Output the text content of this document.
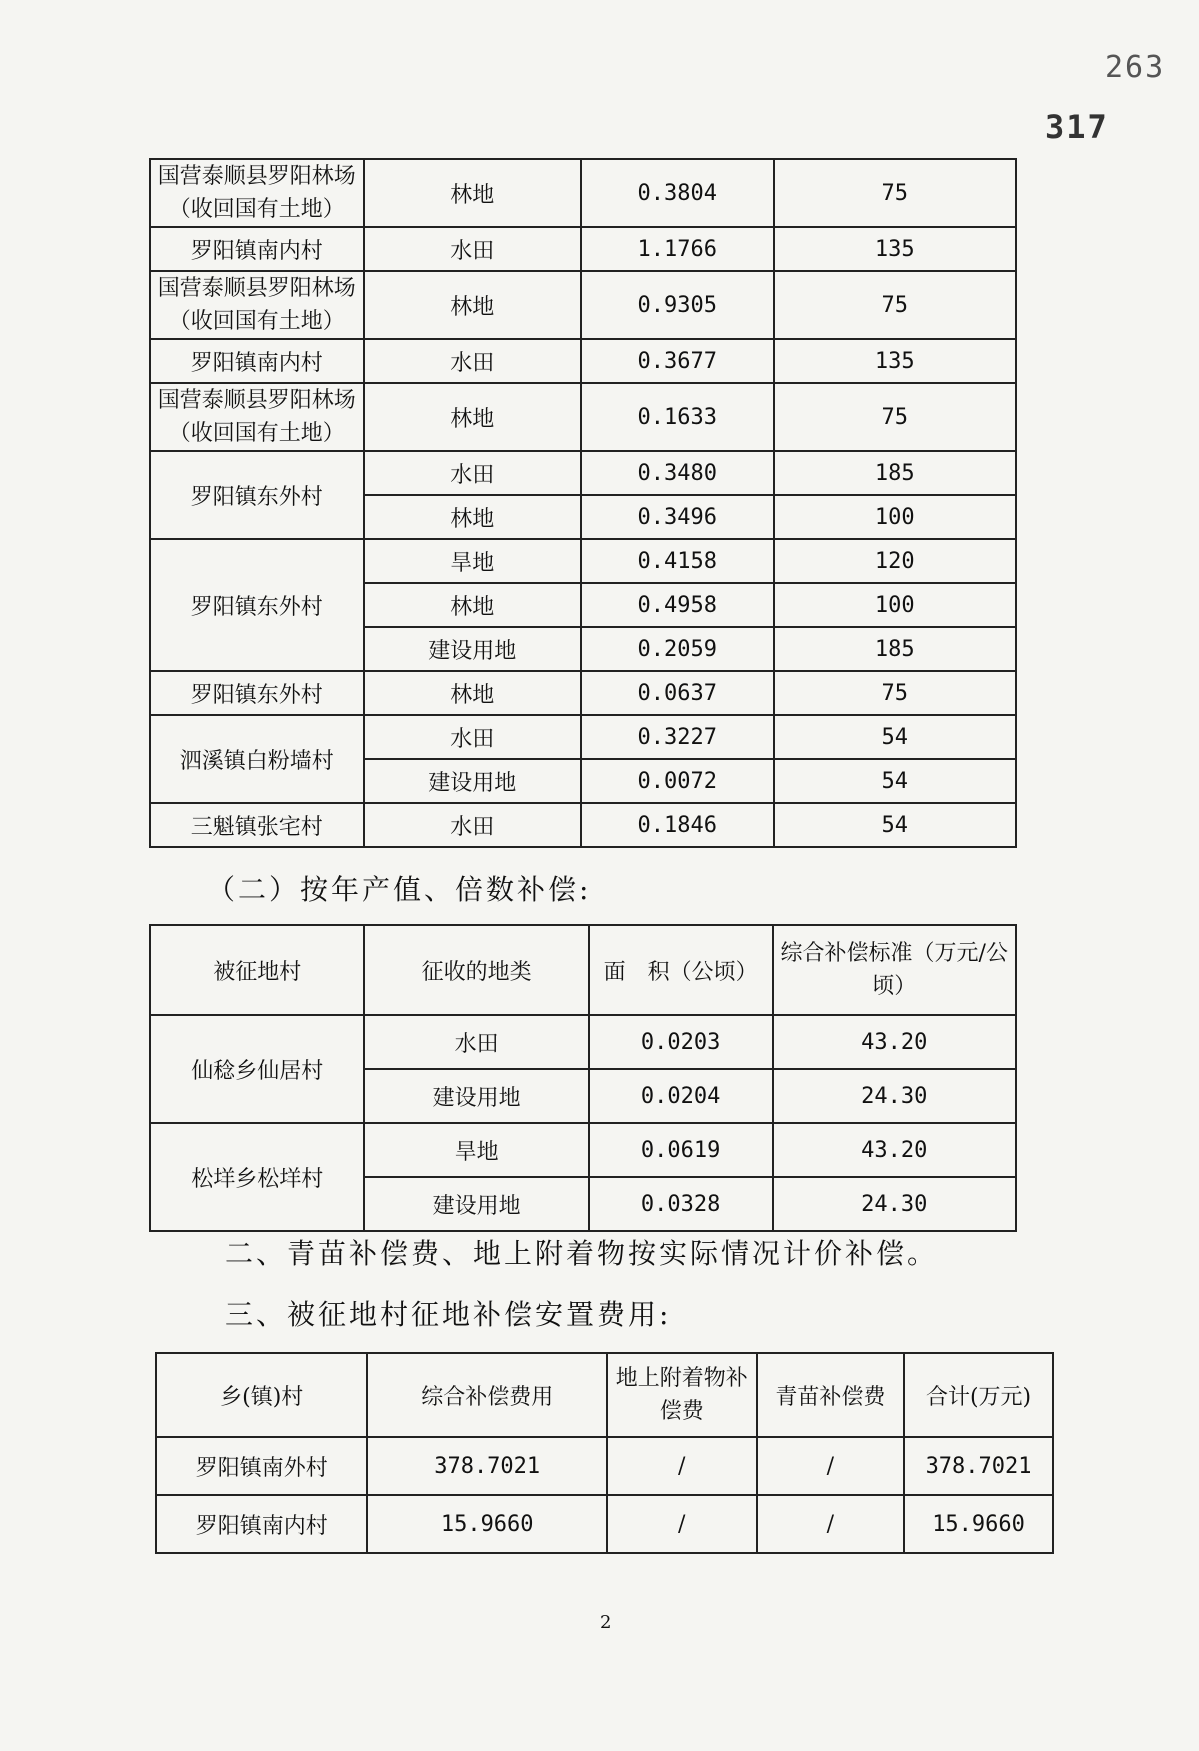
263
317
国营泰顺县罗阳林场（收回国有土地）	林地	0.3804	75
罗阳镇南内村	水田	1.1766	135
国营泰顺县罗阳林场（收回国有土地）	林地	0.9305	75
罗阳镇南内村	水田	0.3677	135
国营泰顺县罗阳林场（收回国有土地）	林地	0.1633	75
罗阳镇东外村	水田	0.3480	185
	林地	0.3496	100
罗阳镇东外村	旱地	0.4158	120
	林地	0.4958	100
	建设用地	0.2059	185
罗阳镇东外村	林地	0.0637	75
泗溪镇白粉墙村	水田	0.3227	54
	建设用地	0.0072	54
三魁镇张宅村	水田	0.1846	54
（二）按年产值、倍数补偿:
被征地村	征收的地类	面　积（公顷）	综合补偿标准（万元/公顷）
仙稔乡仙居村	水田	0.0203	43.20
	建设用地	0.0204	24.30
松垟乡松垟村	旱地	0.0619	43.20
	建设用地	0.0328	24.30
二、青苗补偿费、地上附着物按实际情况计价补偿。
三、被征地村征地补偿安置费用:
乡(镇)村	综合补偿费用	地上附着物补偿费	青苗补偿费	合计(万元)
罗阳镇南外村	378.7021	/	/	378.7021
罗阳镇南内村	15.9660	/	/	15.9660
2
